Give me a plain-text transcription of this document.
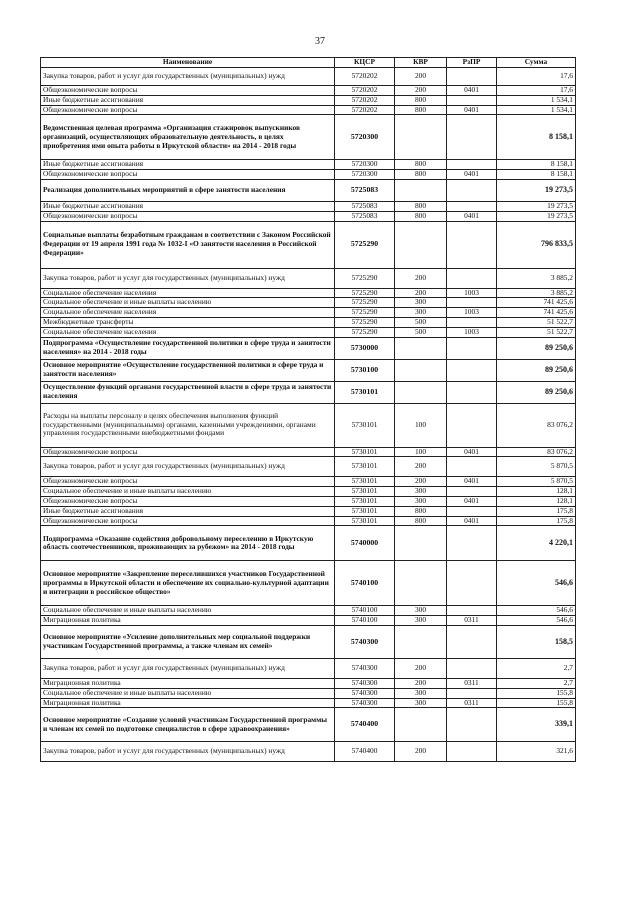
37
Наименование	КЦСР	КВР	РзПР	Сумма
Закупка товаров, работ и услуг для государственных (муниципальных) нужд	5720202	200		17,6
Общеэкономические вопросы	5720202	200	0401	17,6
Иные бюджетные ассигнования	5720202	800		1 534,1
Общеэкономические вопросы	5720202	800	0401	1 534,1
Ведомственная целевая программа «Организация стажировок выпускников организаций, осуществляющих образовательную деятельность, в целях приобретения ими опыта работы в Иркутской области» на 2014 - 2018 годы	5720300			8 158,1
Иные бюджетные ассигнования	5720300	800		8 158,1
Общеэкономические вопросы	5720300	800	0401	8 158,1
Реализация дополнительных мероприятий в сфере занятости населения	5725083			19 273,5
Иные бюджетные ассигнования	5725083	800		19 273,5
Общеэкономические вопросы	5725083	800	0401	19 273,5
Социальные выплаты безработным гражданам в соответствии с Законом Российской Федерации от 19 апреля 1991 года № 1032-I «О занятости населения в Российской Федерации»	5725290			796 833,5
Закупка товаров, работ и услуг для государственных (муниципальных) нужд	5725290	200		3 885,2
Социальное обеспечение населения	5725290	200	1003	3 885,2
Социальное обеспечение и иные выплаты населению	5725290	300		741 425,6
Социальное обеспечение населения	5725290	300	1003	741 425,6
Межбюджетные трансферты	5725290	500		51 522,7
Социальное обеспечение населения	5725290	500	1003	51 522,7
Подпрограмма «Осуществление государственной политики в сфере труда и занятости населения» на 2014 - 2018 годы	5730000			89 250,6
Основное мероприятие «Осуществление государственной политики в сфере труда и занятости населения»	5730100			89 250,6
Осуществление функций органами государственной власти в сфере труда и занятости населения	5730101			89 250,6
Расходы на выплаты персоналу в целях обеспечения выполнения функций государственными (муниципальными) органами, казенными учреждениями, органами управления государственными внебюджетными фондами	5730101	100		83 076,2
Общеэкономические вопросы	5730101	100	0401	83 076,2
Закупка товаров, работ и услуг для государственных (муниципальных) нужд	5730101	200		5 870,5
Общеэкономические вопросы	5730101	200	0401	5 870,5
Социальное обеспечение и иные выплаты населению	5730101	300		128,1
Общеэкономические вопросы	5730101	300	0401	128,1
Иные бюджетные ассигнования	5730101	800		175,8
Общеэкономические вопросы	5730101	800	0401	175,8
Подпрограмма «Оказание содействия добровольному переселению в Иркутскую область соотечественников, проживающих за рубежом» на 2014 - 2018 годы	5740000			4 220,1
Основное мероприятие «Закрепление переселившихся участников Государственной программы в Иркутской области и обеспечение их социально-культурной адаптации и интеграции в российское общество»	5740100			546,6
Социальное обеспечение и иные выплаты населению	5740100	300		546,6
Миграционная политика	5740100	300	0311	546,6
Основное мероприятие «Усиление дополнительных мер социальной поддержки участникам Государственной программы, а также членам их семей»	5740300			158,5
Закупка товаров, работ и услуг для государственных (муниципальных) нужд	5740300	200		2,7
Миграционная политика	5740300	200	0311	2,7
Социальное обеспечение и иные выплаты населению	5740300	300		155,8
Миграционная политика	5740300	300	0311	155,8
Основное мероприятие «Создание условий участникам Государственной программы и членам их семей по подготовке специалистов в сфере здравоохранения»	5740400			339,1
Закупка товаров, работ и услуг для государственных (муниципальных) нужд	5740400	200		321,6
